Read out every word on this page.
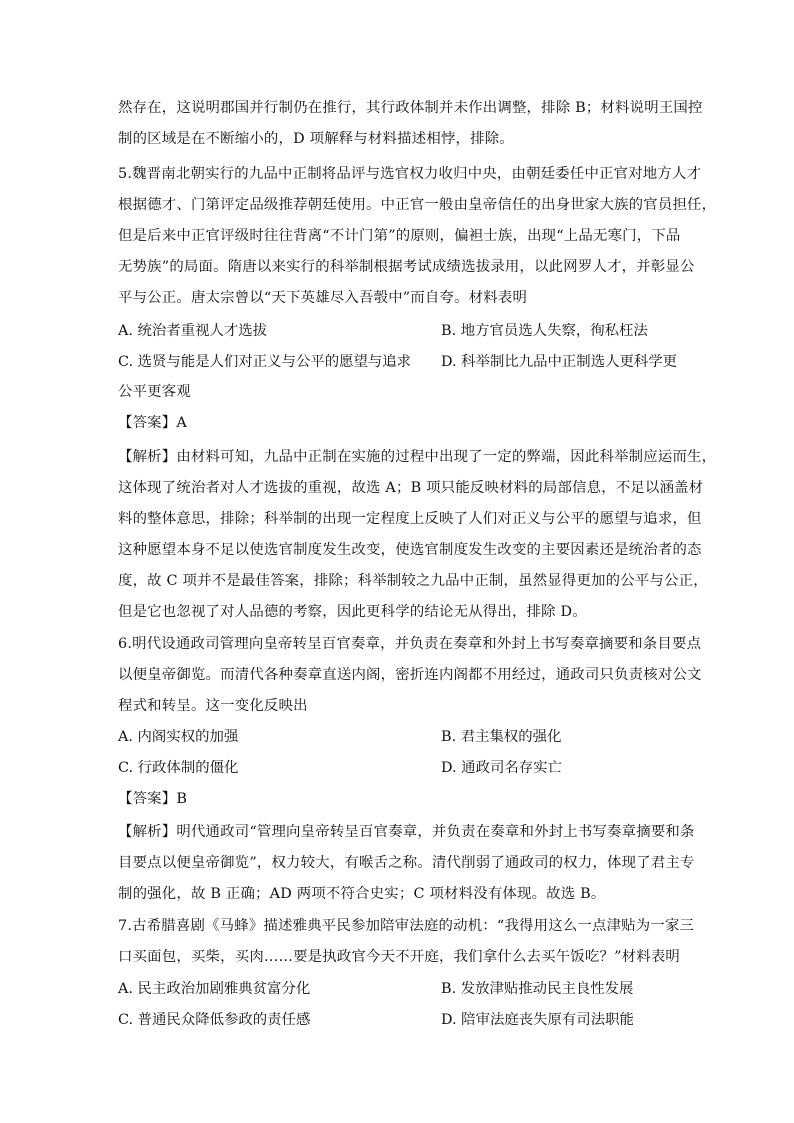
然存在，这说明郡国并行制仍在推行，其行政体制并未作出调整，排除 B；材料说明王国控
制的区域是在不断缩小的，D 项解释与材料描述相悖，排除。
5.魏晋南北朝实行的九品中正制将品评与选官权力收归中央，由朝廷委任中正官对地方人才
根据德才、门第评定品级推荐朝廷使用。中正官一般由皇帝信任的出身世家大族的官员担任，
但是后来中正官评级时往往背离“不计门第”的原则，偏袒士族，出现“上品无寒门，下品
无势族”的局面。隋唐以来实行的科举制根据考试成绩选拔录用，以此网罗人才，并彰显公
平与公正。唐太宗曾以“天下英雄尽入吾彀中”而自夸。材料表明
A. 统治者重视人才选拔	B. 地方官员选人失察，徇私枉法
C. 选贤与能是人们对正义与公平的愿望与追求 D. 科举制比九品中正制选人更科学更
公平更客观
【答案】A
【解析】由材料可知，九品中正制在实施的过程中出现了一定的弊端，因此科举制应运而生，
这体现了统治者对人才选拔的重视，故选 A；B 项只能反映材料的局部信息，不足以涵盖材
料的整体意思，排除；科举制的出现一定程度上反映了人们对正义与公平的愿望与追求，但
这种愿望本身不足以使选官制度发生改变，使选官制度发生改变的主要因素还是统治者的态
度，故 C 项并不是最佳答案，排除；科举制较之九品中正制，虽然显得更加的公平与公正，
但是它也忽视了对人品德的考察，因此更科学的结论无从得出，排除 D。
6.明代设通政司管理向皇帝转呈百官奏章，并负责在奏章和外封上书写奏章摘要和条目要点
以便皇帝御览。而清代各种奏章直送内阁，密折连内阁都不用经过，通政司只负责核对公文
程式和转呈。这一变化反映出
A. 内阁实权的加强	B. 君主集权的强化
C. 行政体制的僵化	D. 通政司名存实亡
【答案】B
【解析】明代通政司“管理向皇帝转呈百官奏章，并负责在奏章和外封上书写奏章摘要和条
目要点以便皇帝御览”，权力较大，有喉舌之称。清代削弱了通政司的权力，体现了君主专
制的强化，故 B 正确；AD 两项不符合史实；C 项材料没有体现。故选 B。
7.古希腊喜剧《马蜂》描述雅典平民参加陪审法庭的动机：“我得用这么一点津贴为一家三
口买面包，买柴，买肉……要是执政官今天不开庭，我们拿什么去买午饭吃？”材料表明
A. 民主政治加剧雅典贫富分化	B. 发放津贴推动民主良性发展
C. 普通民众降低参政的责任感	D. 陪审法庭丧失原有司法职能
